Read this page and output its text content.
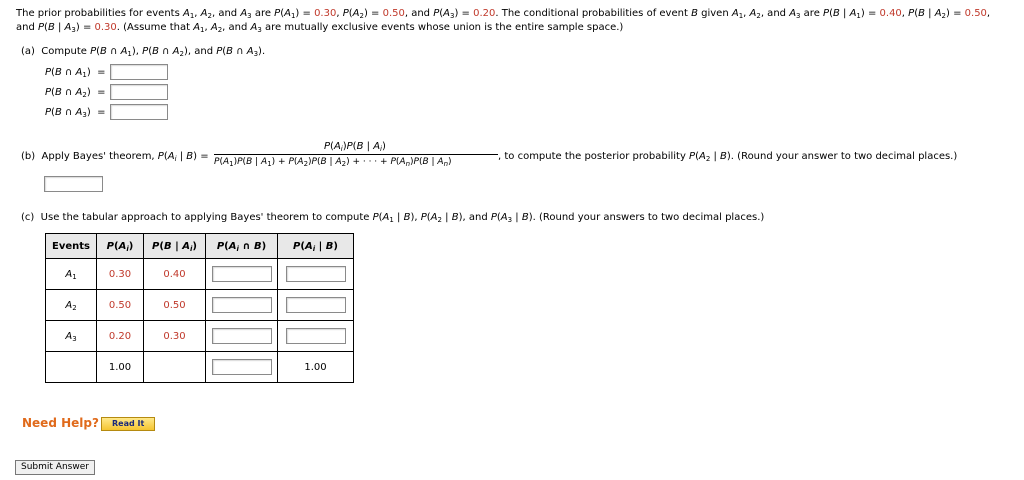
The prior probabilities for events $A_1$, $A_2$, and $A_3$ are $P(A_1) = 0.30$, $P(A_2) = 0.50$, and $P(A_3) = 0.20$. The conditional probabilities of event B given $A_1$, $A_2$, and $A_3$ are P(B | $A_1) = 0.40$, P(B | $A_2) = 0.50$,
and P(B | $A_3) = 0.30$. (Assume that $A_1$, $A_2$, and $A_3$ are mutually exclusive events whose union is the entire sample space.)
(a)  Compute P(B ∩ $A_1$), P(B ∩ $A_2$), and P(B ∩ $A_3$).
P(B ∩ $A_1$)  =
P(B ∩ $A_2$)  =
P(B ∩ $A_3$)  =
(b)  Apply Bayes' theorem, $P(A_i$ | B) =
$P(A_i)P(B$ | $A_i$)
$P(A_1)P(B$ | $A_1) + P(A_2)P(B$ | $A_2$) + · · · + $P(A_n)P(B$ | $A_n$)	, to compute the posterior probability $P(A_2$ | B). (Round your answer to two decimal places.)
(c)  Use the tabular approach to applying Bayes' theorem to compute $P(A_1$ | B), $P(A_2$ | B), and $P(A_3$ | B). (Round your answers to two decimal places.)
Events	$P(A_i)$	P(B | $A_i$)	$P(A_i$ ∩ B)	$P(A_i$ | B)
$A_1$	0.30	0.40		
$A_2$	0.50	0.50		
$A_3$	0.20	0.30		
	1.00			1.00
Need Help?	Read It
Submit Answer
